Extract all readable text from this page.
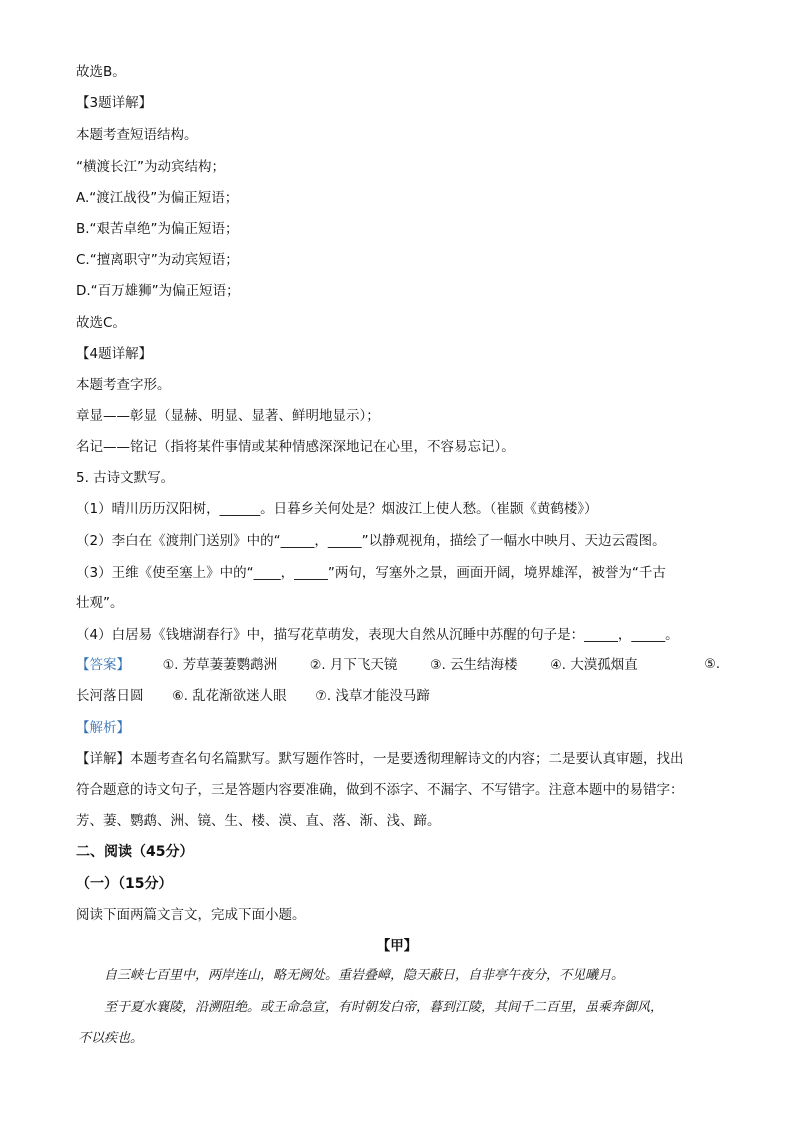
故选B。
【3题详解】
本题考查短语结构。
“横渡长江”为动宾结构；
A.“渡江战役”为偏正短语；
B.“艰苦卓绝”为偏正短语；
C.“擅离职守”为动宾短语；
D.“百万雄狮”为偏正短语；
故选C。
【4题详解】
本题考查字形。
章显——彰显（显赫、明显、显著、鲜明地显示）；
名记——铭记（指将某件事情或某种情感深深地记在心里，不容易忘记）。
5. 古诗文默写。
（1）晴川历历汉阳树，______。日暮乡关何处是？烟波江上使人愁。（崔颢《黄鹤楼》）
（2）李白在《渡荆门送别》中的“_____，_____”以静观视角，描绘了一幅水中映月、天边云霞图。
（3）王维《使至塞上》中的“____，_____”两句，写塞外之景，画面开阔，境界雄浑，被誉为“千古
壮观”。
（4）白居易《钱塘湖春行》中，描写花草萌发，表现大自然从沉睡中苏醒的句子是：_____，_____。
【答案】	①. 芳草萋萋鹦鹉洲	②. 月下飞天镜	③. 云生结海楼	④. 大漠孤烟直	⑤.
长河落日圆 ⑥. 乱花渐欲迷人眼 ⑦. 浅草才能没马蹄
【解析】
【详解】本题考查名句名篇默写。默写题作答时，一是要透彻理解诗文的内容；二是要认真审题，找出
符合题意的诗文句子，三是答题内容要准确，做到不添字、不漏字、不写错字。注意本题中的易错字：
芳、萋、鹦鹉、洲、镜、生、楼、漠、直、落、渐、浅、蹄。
二、阅读（45分）
（一）（15分）
阅读下面两篇文言文，完成下面小题。
【甲】
自三峡七百里中，两岸连山，略无阙处。重岩叠嶂，隐天蔽日，自非亭午夜分，不见曦月。
至于夏水襄陵，沿溯阻绝。或王命急宣，有时朝发白帝，暮到江陵，其间千二百里，虽乘奔御风，
不以疾也。
